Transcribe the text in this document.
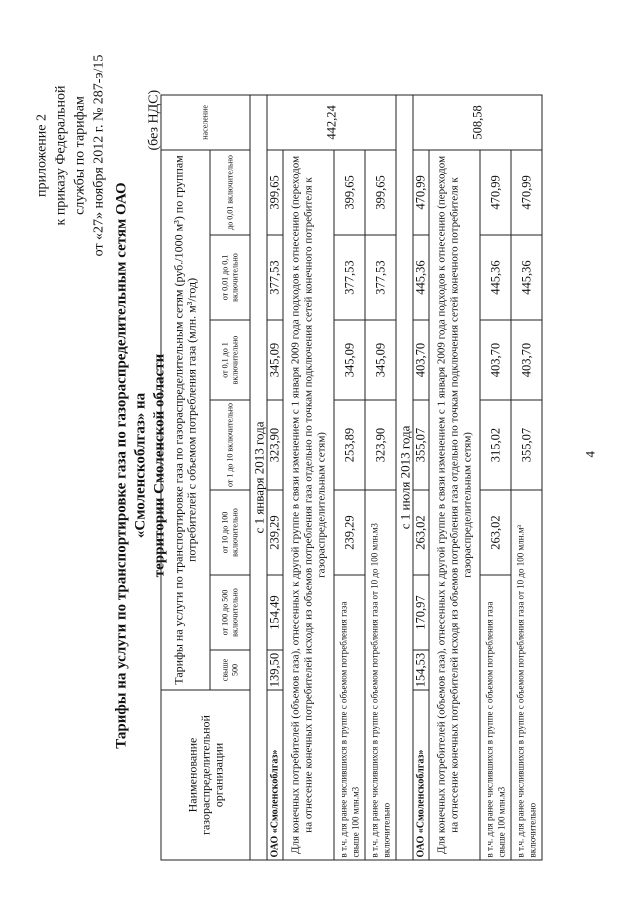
приложение 2 к приказу Федеральной службы по тарифам от «27» ноября 2012 г. № 287-э/15
Тарифы на услуги по транспортировке газа по газораспределительным сетям ОАО «Смоленскоблгаз» на территории Смоленской области
(без НДС)
Наименование газораспределительной организации	Тарифы на услуги по транспортировке газа по газораспределительным сетям (руб./1000 м³) по группам потребителей с объемом потребления газа (млн. м³/год)							население
	свыше 500	от 100 до 500 включительно	от 10 до 100 включительно	от 1 до 10 включительно	от 0,1 до 1 включительно	от 0,01 до 0,1 включительно	до 0,01 включительно	
с 1 января 2013 года								
ОАО «Смоленскоблгаз»	139,50	154,49	239,29	323,90	345,09	377,53	399,65	442,24
Для конечных потребителей (объемов газа), отнесенных к другой группе в связи изменением с 1 января 2009 года подходов к отнесению (переходом на отнесение конечных потребителей исходя из объемов потребления газа отдельно по точкам подключения сетей конечного потребителя к газораспределительным сетям)								
в т.ч. для ранее числившихся в группе с объемом потребления газа свыше 100 млн.м3			239,29	253,89	345,09	377,53	399,65	
в т.ч. для ранее числившихся в группе с объемом потребления газа от 10 до 100 млн.м3 включительно				323,90	345,09	377,53	399,65	
с 1 июля 2013 года								
ОАО «Смоленскоблгаз»	154,53	170,97	263,02	355,07	403,70	445,36	470,99	508,58
Для конечных потребителей (объемов газа), отнесенных к другой группе в связи изменением с 1 января 2009 года подходов к отнесению (переходом на отнесение конечных потребителей исходя из объемов потребления газа отдельно по точкам подключения сетей конечного потребителя к газораспределительным сетям)								
в т.ч. для ранее числившихся в группе с объемом потребления газа свыше 100 млн.м3			263,02	315,02	403,70	445,36	470,99	
в т.ч. для ранее числившихся в группе с объемом потребления газа от 10 до 100 млн.м³ включительно				355,07	403,70	445,36	470,99	
4
